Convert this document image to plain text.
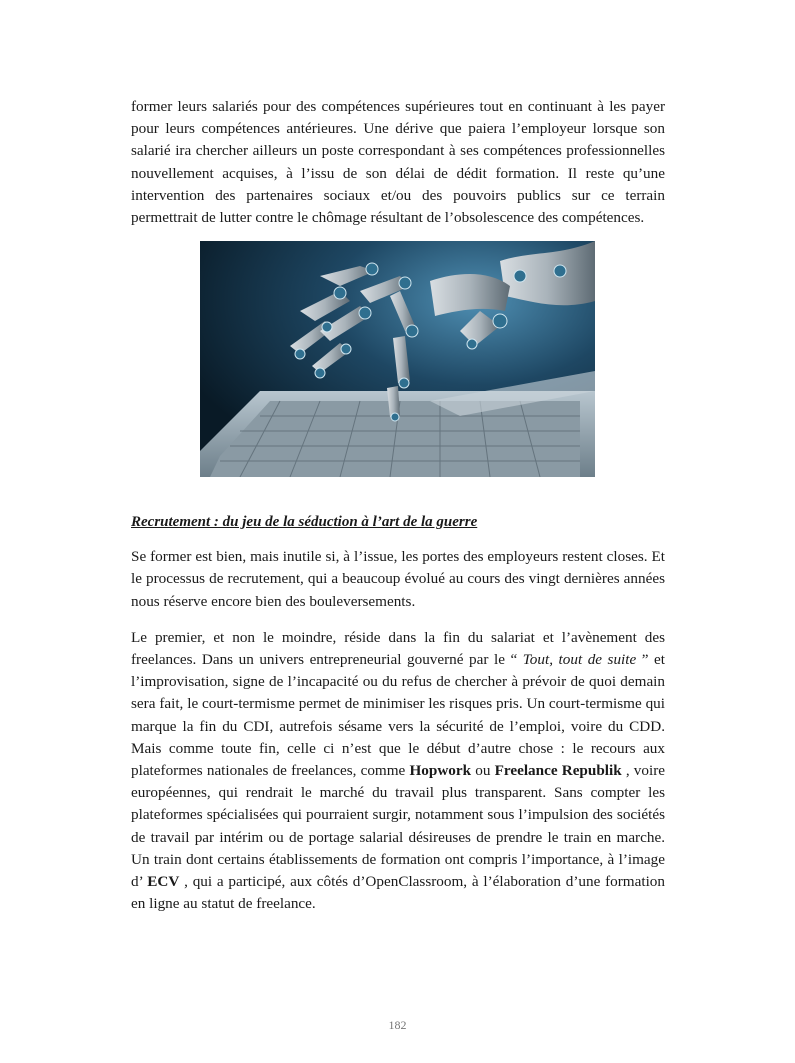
former leurs salariés pour des compétences supérieures tout en continuant à les payer pour leurs compétences antérieures. Une dérive que paiera l’employeur lorsque son salarié ira chercher ailleurs un poste correspondant à ses compétences professionnelles nouvellement acquises, à l’issu de son délai de dédit formation. Il reste qu’une intervention des partenaires sociaux et/ou des pouvoirs publics sur ce terrain permettrait de lutter contre le chômage résultant de l’obsolescence des compétences.

Recrutement : du jeu de la séduction à l’art de la guerre

Se former est bien, mais inutile si, à l’issue, les portes des employeurs restent closes. Et le processus de recrutement, qui a beaucoup évolué au cours des vingt dernières années nous réserve encore bien des bouleversements.

Le premier, et non le moindre, réside dans la fin du salariat et l’avènement des freelances. Dans un univers entrepreneurial gouverné par le “ Tout, tout de suite ” et l’improvisation, signe de l’incapacité ou du refus de chercher à prévoir de quoi demain sera fait, le court-termisme permet de minimiser les risques pris. Un court-termisme qui marque la fin du CDI, autrefois sésame vers la sécurité de l’emploi, voire du CDD. Mais comme toute fin, celle ci n’est que le début d’autre chose : le recours aux plateformes nationales de freelances, comme Hopwork ou Freelance Republik , voire européennes, qui rendrait le marché du travail plus transparent. Sans compter les plateformes spécialisées qui pourraient surgir, notamment sous l’impulsion des sociétés de travail par intérim ou de portage salarial désireuses de prendre le train en marche. Un train dont certains établissements de formation ont compris l’importance, à l’image d’ ECV , qui a participé, aux côtés d’OpenClassroom, à l’élaboration d’une formation en ligne au statut de freelance.

182
